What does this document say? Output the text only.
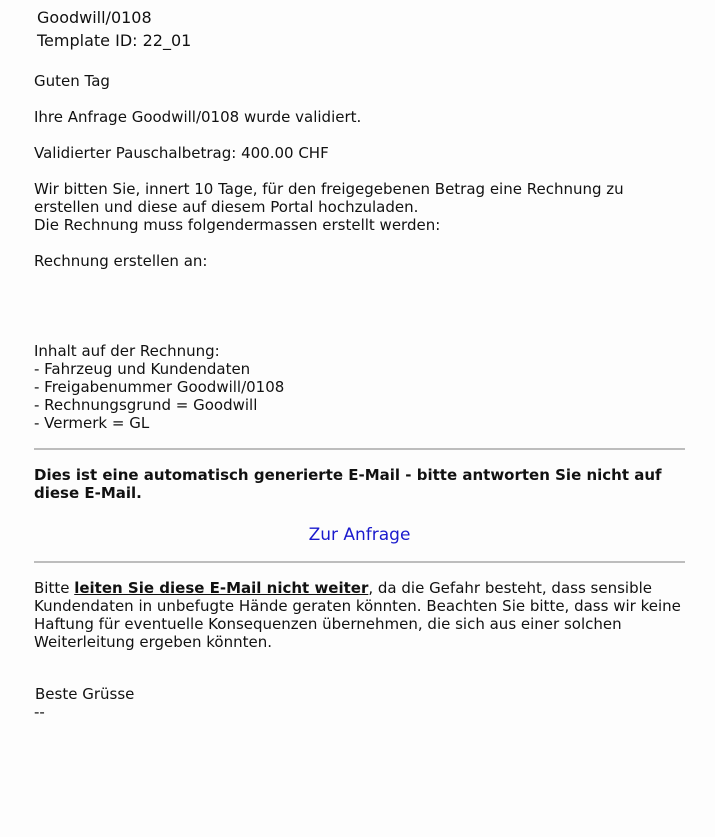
Goodwill/0108
Template ID: 22_01

Guten Tag

Ihre Anfrage Goodwill/0108 wurde validiert.

Validierter Pauschalbetrag: 400.00 CHF

Wir bitten Sie, innert 10 Tage, für den freigegebenen Betrag eine Rechnung zu

erstellen und diese auf diesem Portal hochzuladen.

Die Rechnung muss folgendermassen erstellt werden:

Rechnung erstellen an:

Inhalt auf der Rechnung:

- Fahrzeug und Kundendaten

- Freigabenummer Goodwill/0108

- Rechnungsgrund = Goodwill

- Vermerk = GL

Dies ist eine automatisch generierte E-Mail - bitte antworten Sie nicht auf

diese E-Mail.

Zur Anfrage

Bitte leiten Sie diese E-Mail nicht weiter, da die Gefahr besteht, dass sensible

Kundendaten in unbefugte Hände geraten könnten. Beachten Sie bitte, dass wir keine

Haftung für eventuelle Konsequenzen übernehmen, die sich aus einer solchen

Weiterleitung ergeben könnten.

Beste Grüsse

--
